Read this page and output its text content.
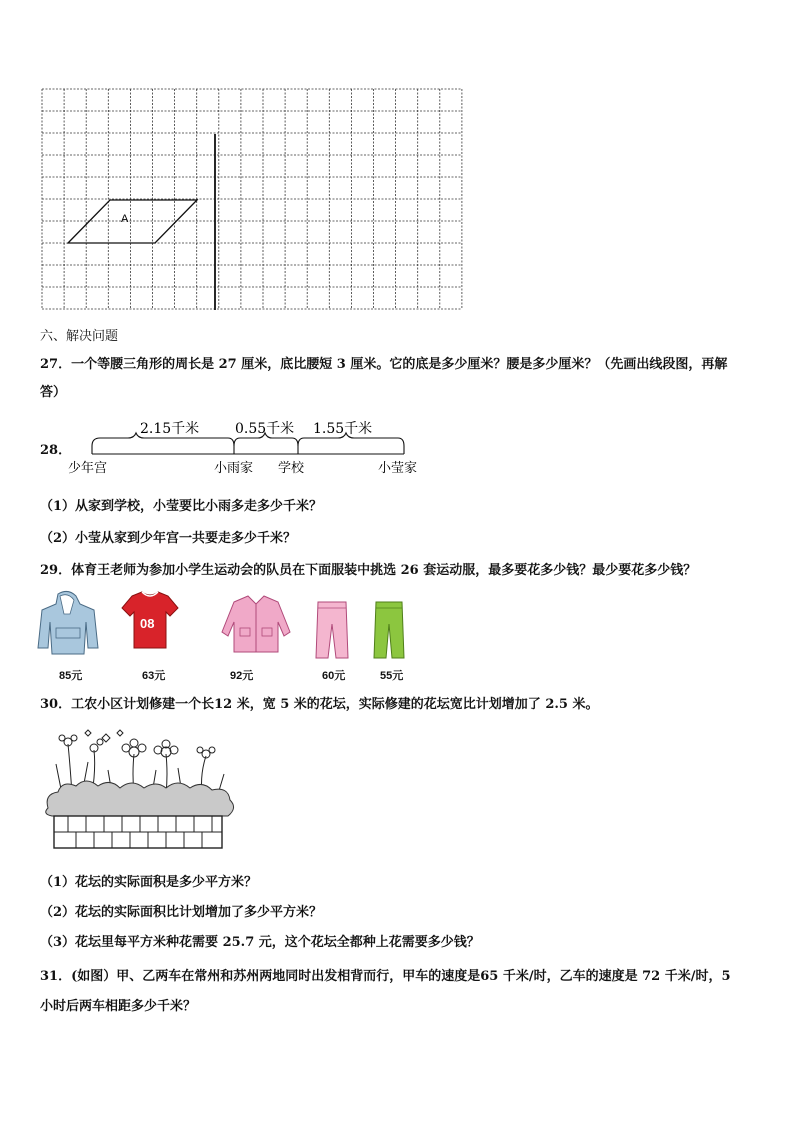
A
六、解决问题
27．一个等腰三角形的周长是 27 厘米，底比腰短 3 厘米。它的底是多少厘米？腰是多少厘米？（先画出线段图，再解
答）
28．
2.15千米	0.55千米 1.55千米
少年宫	小雨家 学校	小莹家
（1）从家到学校，小莹要比小雨多走多少千米？
（2）小莹从家到少年宫一共要走多少千米？
29．体育王老师为参加小学生运动会的队员在下面服装中挑选 26 套运动服，最多要花多少钱？最少要花多少钱？
08
85元	63元	92元	60元	55元
30．工农小区计划修建一个长12 米，宽 5 米的花坛，实际修建的花坛宽比计划增加了 2.5 米。
（1）花坛的实际面积是多少平方米？
（2）花坛的实际面积比计划增加了多少平方米？
（3）花坛里每平方米种花需要 25.7 元，这个花坛全都种上花需要多少钱？
31．(如图）甲、乙两车在常州和苏州两地同时出发相背而行，甲车的速度是65 千米/时，乙车的速度是 72 千米/时，5
小时后两车相距多少千米？
